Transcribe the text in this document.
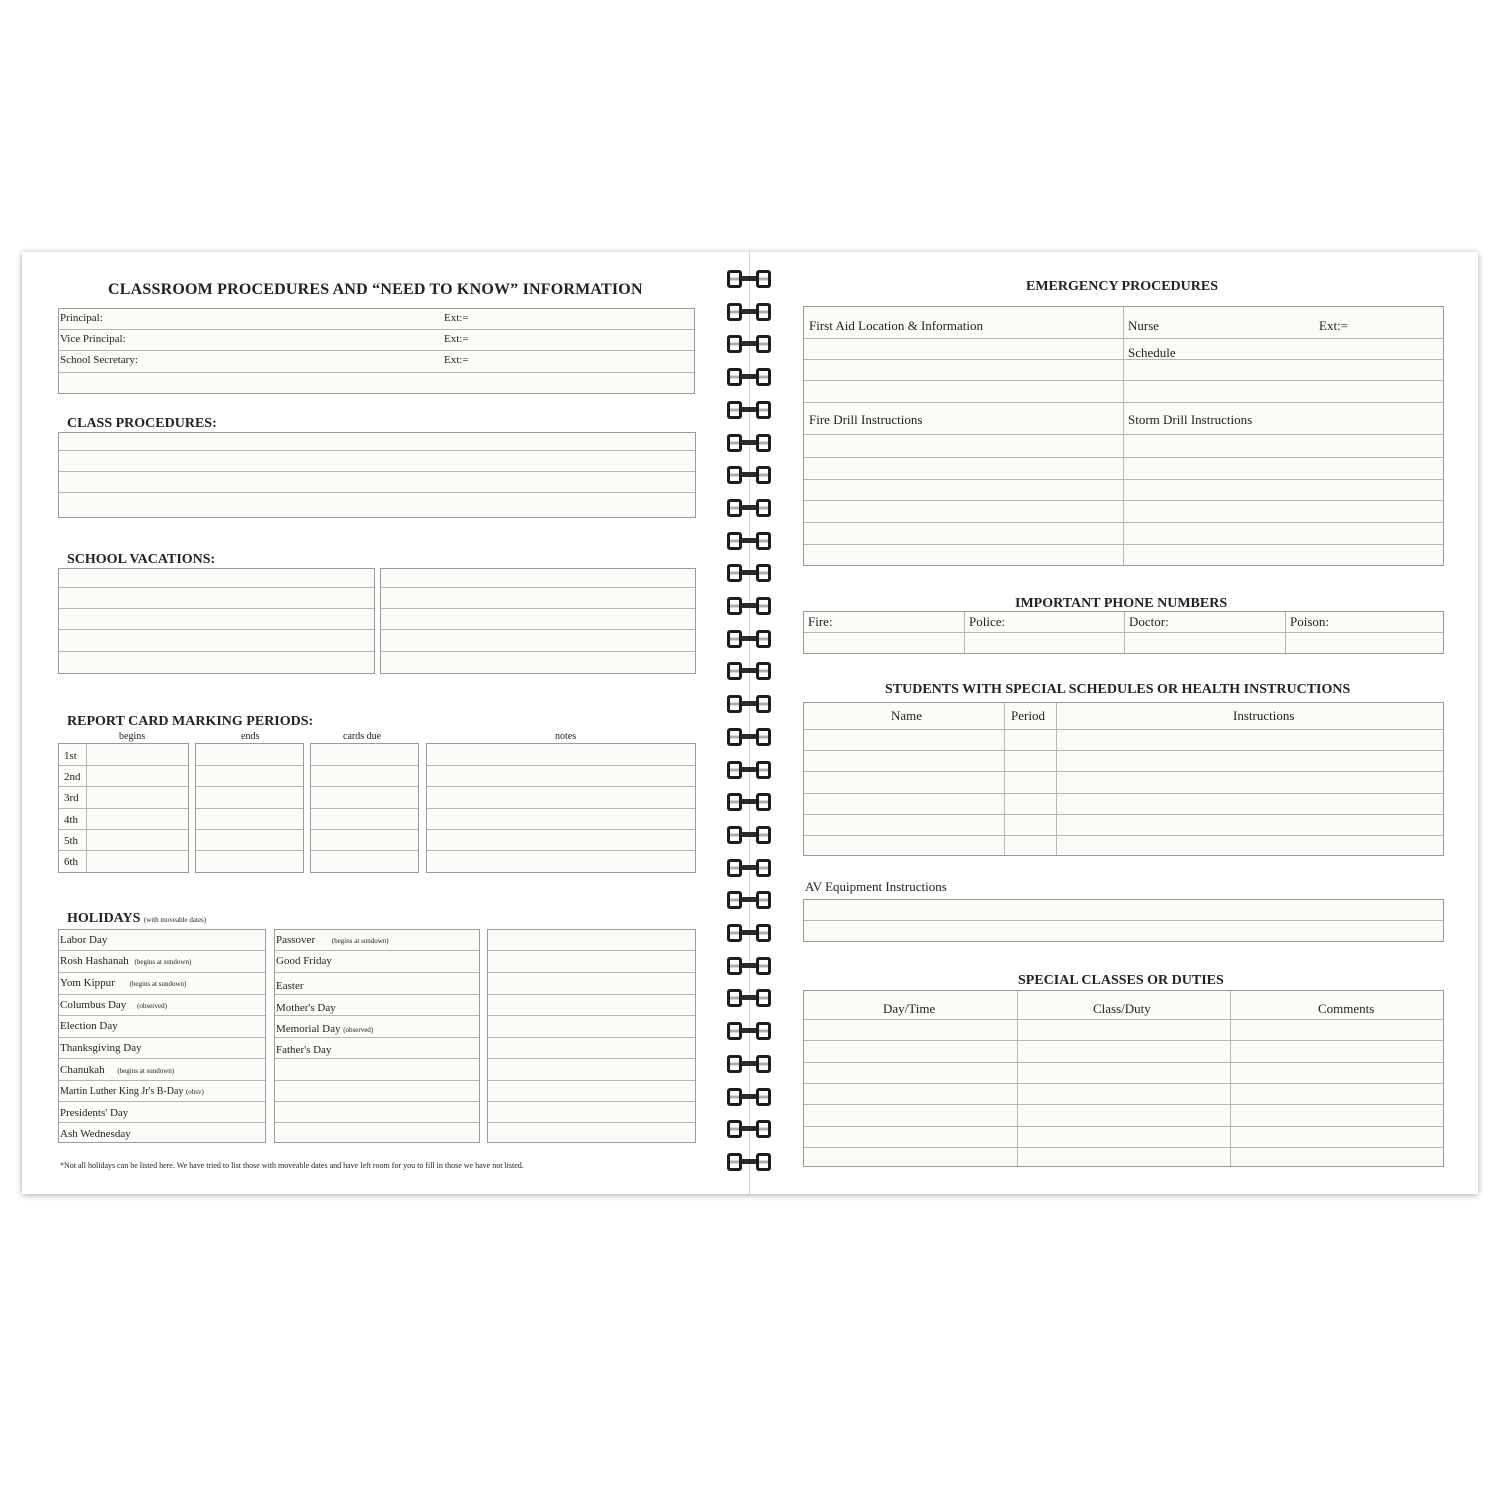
CLASSROOM PROCEDURES AND “NEED TO KNOW” INFORMATION
Principal:	Ext:=
Vice Principal:	Ext:=
School Secretary:	Ext:=
CLASS PROCEDURES:
SCHOOL VACATIONS:
REPORT CARD MARKING PERIODS:
begins	ends	cards due	notes
1st
2nd
3rd
4th
5th
6th
HOLIDAYS (with moveable dates)
Labor Day
Rosh Hashanah (begins at sundown)
Yom Kippur (begins at sundown)
Columbus Day (observed)
Election Day
Thanksgiving Day
Chanukah (begins at sundown)
Martin Luther King Jr's B-Day (obsv)
Presidents' Day
Ash Wednesday
Passover (begins at sundown)
Good Friday
Easter
Mother's Day
Memorial Day (observed)
Father's Day
*Not all holidays can be listed here. We have tried to list those with moveable dates and have left room for you to fill in those we have not listed.
EMERGENCY PROCEDURES
First Aid Location & Information	Nurse	Ext:=
Schedule
Fire Drill Instructions	Storm Drill Instructions
IMPORTANT PHONE NUMBERS
Fire:	Police:	Doctor:	Poison:
STUDENTS WITH SPECIAL SCHEDULES OR HEALTH INSTRUCTIONS
Name	Period	Instructions
AV Equipment Instructions
SPECIAL CLASSES OR DUTIES
Day/Time	Class/Duty	Comments
